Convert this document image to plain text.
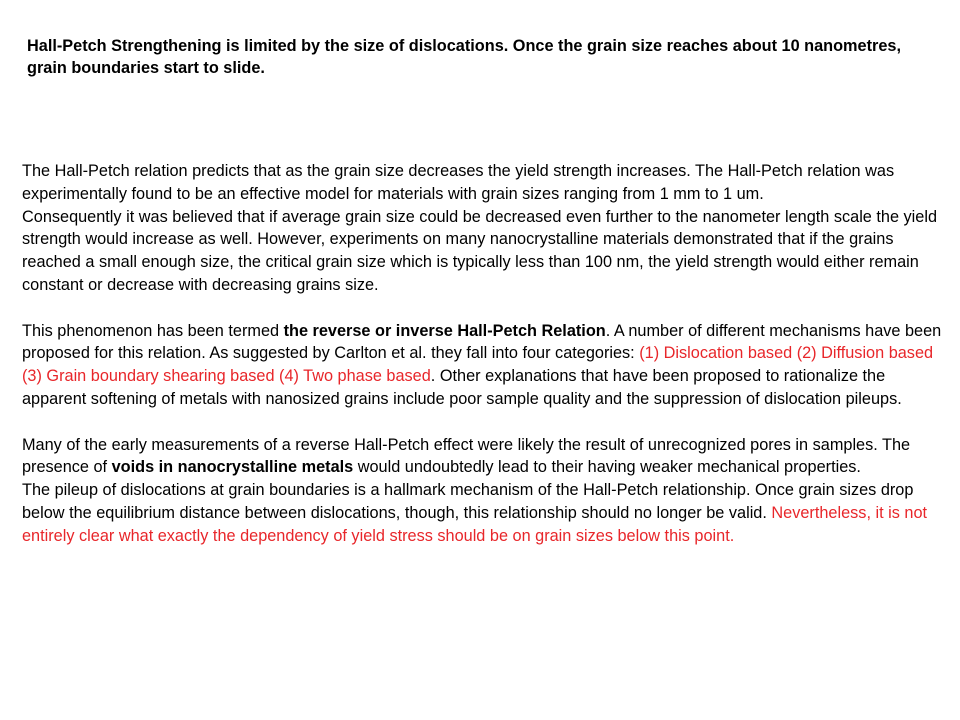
Hall-Petch Strengthening is limited by the size of dislocations. Once the grain size reaches about 10 nanometres, grain boundaries start to slide.

The Hall-Petch relation predicts that as the grain size decreases the yield strength increases. The Hall-Petch relation was experimentally found to be an effective model for materials with grain sizes ranging from 1 mm to 1 um.

Consequently it was believed that if average grain size could be decreased even further to the nanometer length scale the yield strength would increase as well. However, experiments on many nanocrystalline materials demonstrated that if the grains reached a small enough size, the critical grain size which is typically less than 100 nm, the yield strength would either remain constant or decrease with decreasing grains size.

This phenomenon has been termed the reverse or inverse Hall-Petch Relation. A number of different mechanisms have been proposed for this relation. As suggested by Carlton et al. they fall into four categories: (1) Dislocation based (2) Diffusion based (3) Grain boundary shearing based (4) Two phase based. Other explanations that have been proposed to rationalize the apparent softening of metals with nanosized grains include poor sample quality and the suppression of dislocation pileups.

Many of the early measurements of a reverse Hall-Petch effect were likely the result of unrecognized pores in samples. The presence of voids in nanocrystalline metals would undoubtedly lead to their having weaker mechanical properties.

The pileup of dislocations at grain boundaries is a hallmark mechanism of the Hall-Petch relationship. Once grain sizes drop below the equilibrium distance between dislocations, though, this relationship should no longer be valid. Nevertheless, it is not entirely clear what exactly the dependency of yield stress should be on grain sizes below this point.
